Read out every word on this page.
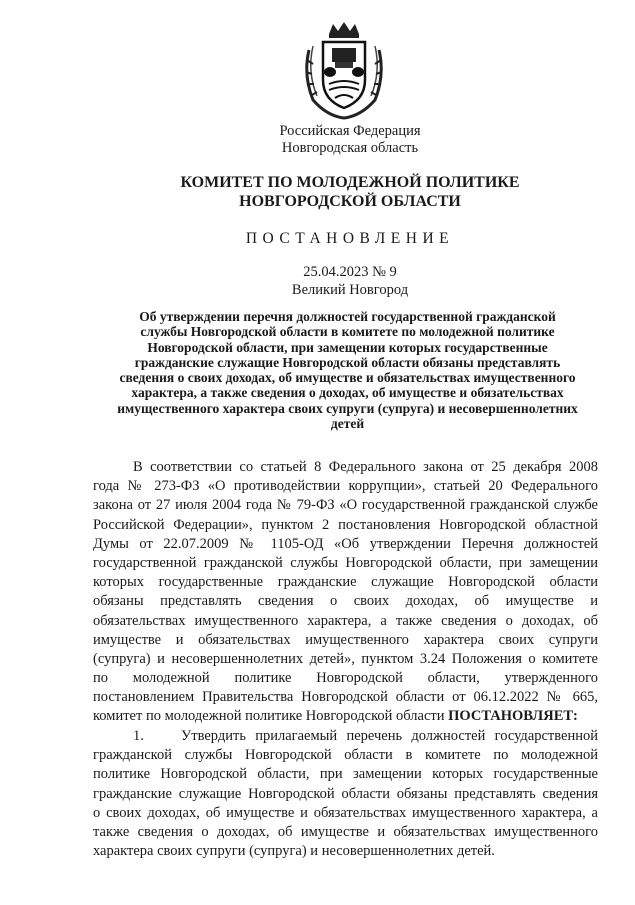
Российская Федерация
Новгородская область
КОМИТЕТ ПО МОЛОДЕЖНОЙ ПОЛИТИКЕ
НОВГОРОДСКОЙ ОБЛАСТИ
ПОСТАНОВЛЕНИЕ
25.04.2023 № 9
Великий Новгород
Об утверждении перечня должностей государственной гражданской
службы Новгородской области в комитете по молодежной политике
Новгородской области, при замещении которых государственные
гражданские служащие Новгородской области обязаны представлять
сведения о своих доходах, об имуществе и обязательствах имущественного
характера, а также сведения о доходах, об имуществе и обязательствах
имущественного характера своих супруги (супруга) и несовершеннолетних
детей
В соответствии со статьей 8 Федерального закона от 25 декабря 2008
года № 273-ФЗ «О противодействии коррупции», статьей 20 Федерального
закона от 27 июля 2004 года № 79-ФЗ «О государственной гражданской службе
Российской Федерации», пунктом 2 постановления Новгородской областной
Думы от 22.07.2009 № 1105-ОД «Об утверждении Перечня должностей
государственной гражданской службы Новгородской области, при замещении
которых государственные гражданские служащие Новгородской области
обязаны представлять сведения о своих доходах, об имуществе и
обязательствах имущественного характера, а также сведения о доходах, об
имуществе и обязательствах имущественного характера своих супруги
(супруга) и несовершеннолетних детей», пунктом 3.24 Положения о комитете
по молодежной политике Новгородской области, утвержденного
постановлением Правительства Новгородской области от 06.12.2022 № 665,
комитет по молодежной политике Новгородской области ПОСТАНОВЛЯЕТ:
1.    Утвердить прилагаемый перечень должностей государственной
гражданской службы Новгородской области в комитете по молодежной
политике Новгородской области, при замещении которых государственные
гражданские служащие Новгородской области обязаны представлять сведения
о своих доходах, об имуществе и обязательствах имущественного характера, а
также сведения о доходах, об имуществе и обязательствах имущественного
характера своих супруги (супруга) и несовершеннолетних детей.
